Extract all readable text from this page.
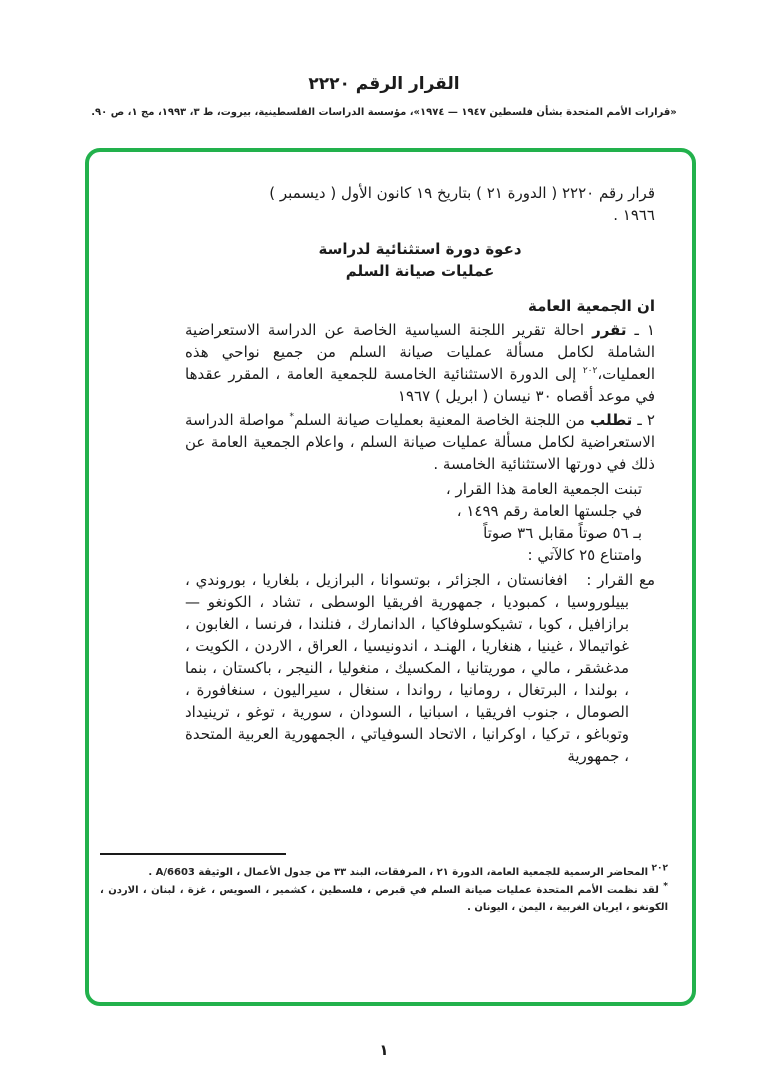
القرار الرقم ٢٢٢٠
«قرارات الأمم المتحدة بشأن فلسطين ١٩٤٧ — ١٩٧٤»، مؤسسة الدراسات الفلسطينية، بيروت، ط ٣، ١٩٩٣، مج ١، ص ٩٠.

قرار رقم ٢٢٢٠ ( الدورة ٢١ ) بتاريخ ١٩ كانون الأول ( ديسمبر )
١٩٦٦ .

دعوة دورة استثنائية لدراسة
عمليات صيانة السلم

ان الجمعية العامة

١ ـ تقرر احالة تقرير اللجنة السياسية الخاصة عن الدراسة الاستعراضية الشاملة لكامل مسألة عمليات صيانة السلم من جميع نواحي هذه العمليات،$^{٢٠٢}$ إلى الدورة الاستثنائية الخامسة للجمعية العامة ، المقرر عقدها في موعد أقصاه ٣٠ نيسان ( ابريل ) ١٩٦٧

٢ ـ تطلب من اللجنة الخاصة المعنية بعمليات صيانة السلم* مواصلة الدراسة الاستعراضية لكامل مسألة عمليات صيانة السلم ، واعلام الجمعية العامة عن ذلك في دورتها الاستثنائية الخامسة .

تبنت الجمعية العامة هذا القرار ،
في جلستها العامة رقم ١٤٩٩ ،
بـ ٥٦ صوتاً مقابل ٣٦ صوتاً
وامتناع ٢٥ كالآتي :

مع القرار : افغانستان ، الجزائر ، بوتسوانا ، البرازيل ، بلغاريا ، بوروندي ، بييلوروسيا ، كمبوديا ، جمهورية افريقيا الوسطى ، تشاد ، الكونغو — برازافيل ، كوبا ، تشيكوسلوفاكيا ، الدانمارك ، فنلندا ، فرنسا ، الغابون ، غواتيمالا ، غينيا ، هنغاريا ، الهنـد ، اندونيسيا ، العراق ، الاردن ، الكويت ، مدغشقر ، مالي ، موريتانيا ، المكسيك ، منغوليا ، النيجر ، باكستان ، بنما ، بولندا ، البرتغال ، رومانيا ، رواندا ، سنغال ، سيراليون ، سنغافورة ، الصومال ، جنوب افريقيا ، اسبانيا ، السودان ، سورية ، توغو ، ترينيداد وتوباغو ، تركيا ، اوكرانيا ، الاتحاد السوفياتي ، الجمهورية العربية المتحدة ، جمهورية

$^{٢٠٢}$ المحاضر الرسمية للجمعية العامة، الدورة ٢١ ، المرفقات، البند ٣٣ من جدول الأعمال ، الوثيقة A/6603 .

* لقد نظمت الأمم المتحدة عمليات صيانة السلم في قبرص ، فلسطين ، كشمير ، السويس ، غزة ، لبنان ، الاردن ، الكونغو ، ايريان الغربية ، اليمن ، اليونان .

١
